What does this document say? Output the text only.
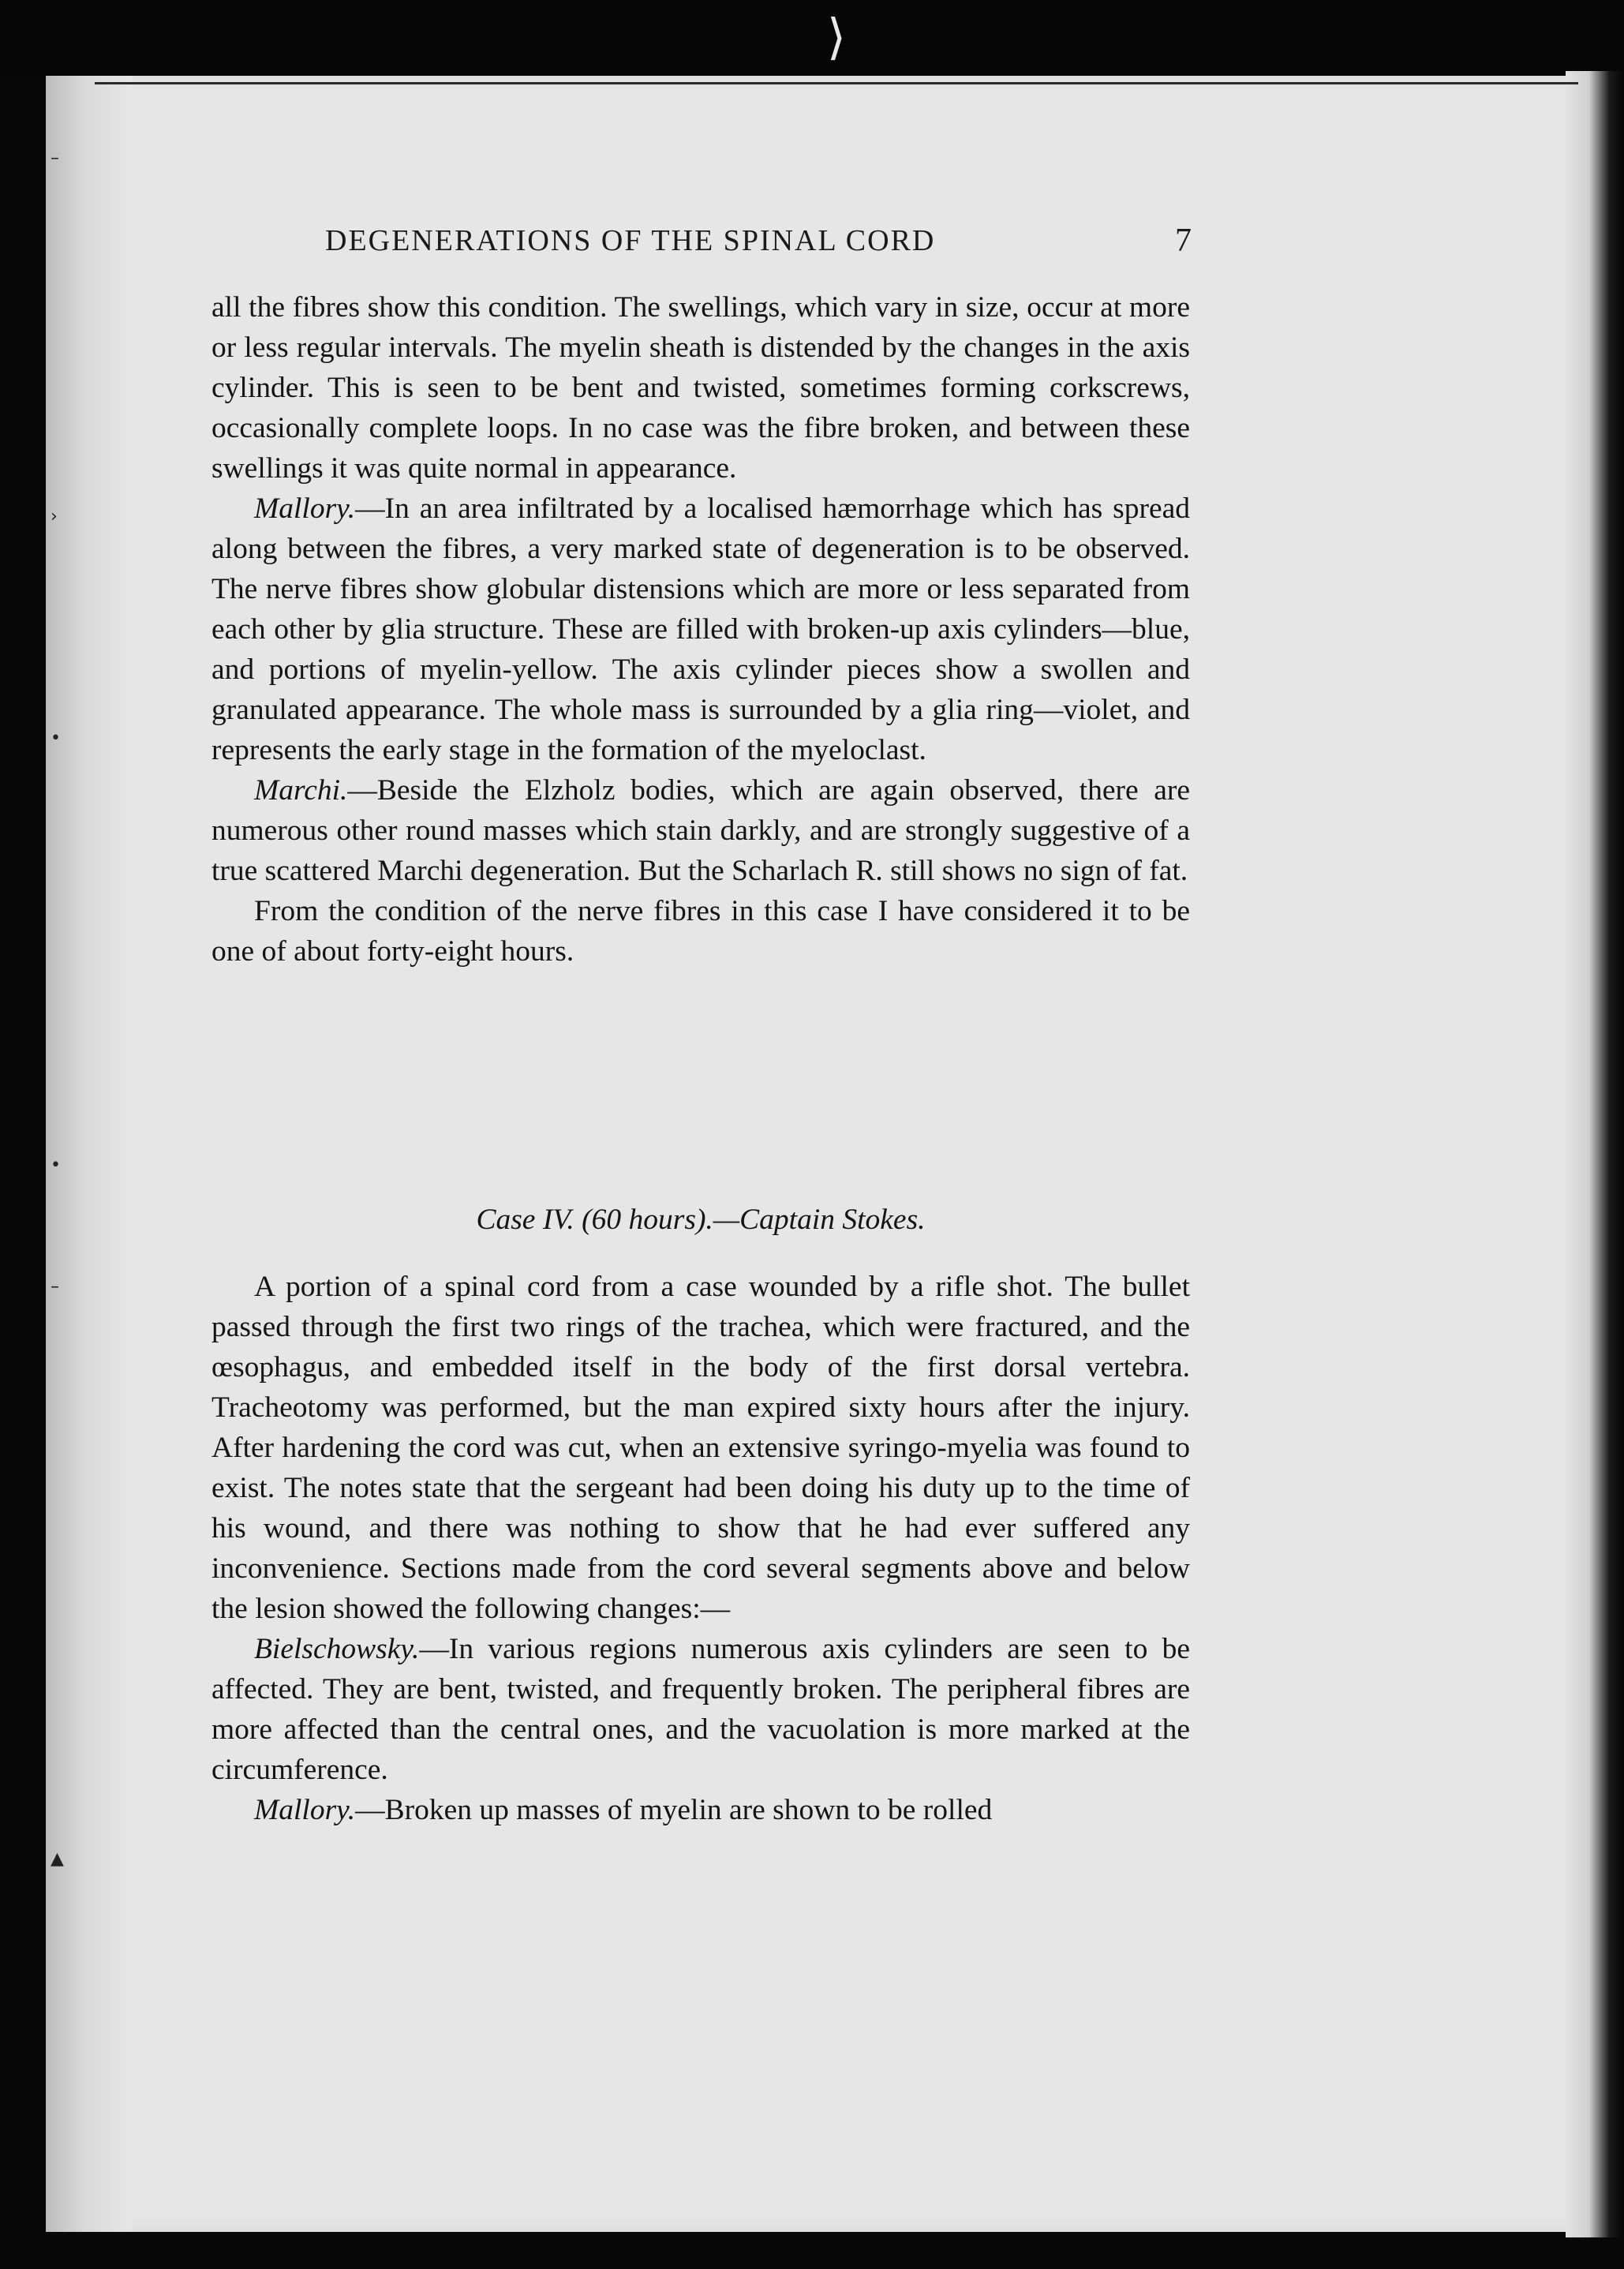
⟩
–
›
•
•
–
▲
DEGENERATIONS OF THE SPINAL CORD	7

all the fibres show this condition. The swellings, which vary in size, occur at more or less regular intervals. The myelin sheath is distended by the changes in the axis cylinder. This is seen to be bent and twisted, sometimes forming corkscrews, occasionally complete loops. In no case was the fibre broken, and between these swellings it was quite normal in appearance.

Mallory.—In an area infiltrated by a localised hæmorrhage which has spread along between the fibres, a very marked state of degeneration is to be observed. The nerve fibres show globular distensions which are more or less separated from each other by glia structure. These are filled with broken-up axis cylinders—blue, and portions of myelin-yellow. The axis cylinder pieces show a swollen and granulated appearance. The whole mass is surrounded by a glia ring—violet, and represents the early stage in the formation of the myeloclast.

Marchi.—Beside the Elzholz bodies, which are again observed, there are numerous other round masses which stain darkly, and are strongly suggestive of a true scattered Marchi degeneration. But the Scharlach R. still shows no sign of fat.

From the condition of the nerve fibres in this case I have considered it to be one of about forty-eight hours.

Case IV. (60 hours).—Captain Stokes.

A portion of a spinal cord from a case wounded by a rifle shot. The bullet passed through the first two rings of the trachea, which were fractured, and the œsophagus, and embedded itself in the body of the first dorsal vertebra. Tracheotomy was performed, but the man expired sixty hours after the injury. After hardening the cord was cut, when an extensive syringo-myelia was found to exist. The notes state that the sergeant had been doing his duty up to the time of his wound, and there was nothing to show that he had ever suffered any inconvenience. Sections made from the cord several segments above and below the lesion showed the following changes:—

Bielschowsky.—In various regions numerous axis cylinders are seen to be affected. They are bent, twisted, and frequently broken. The peripheral fibres are more affected than the central ones, and the vacuolation is more marked at the circumference.

Mallory.—Broken up masses of myelin are shown to be rolled
